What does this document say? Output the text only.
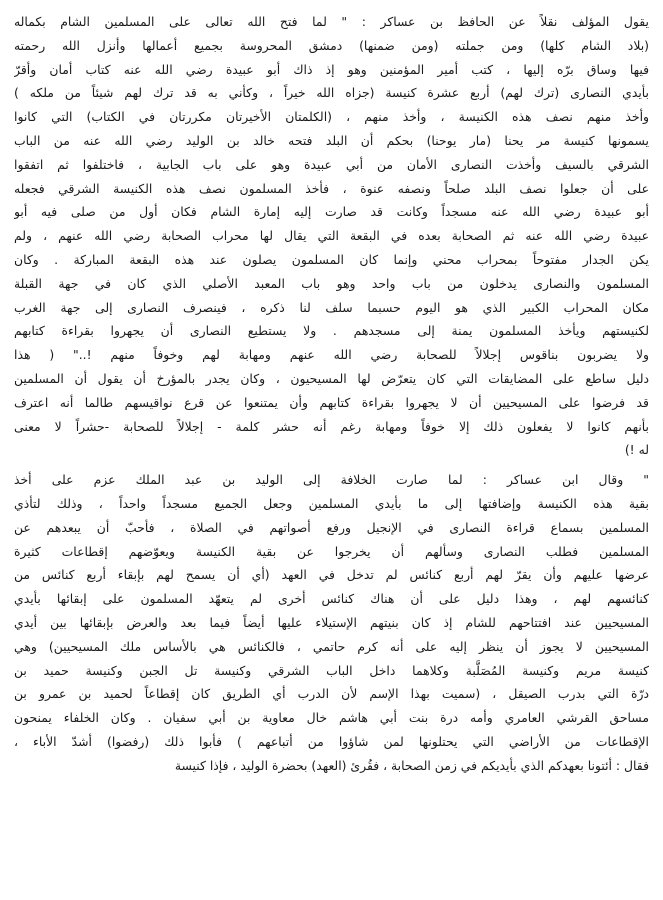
يقول المؤلف نقلاً عن الحافظ بن عساكر : " لما فتح الله تعالى على المسلمين الشام بكماله

(بلاد الشام كلها) ومن جملته (ومن ضمنها) دمشق المحروسة بجميع أعمالها وأنزل الله رحمته

فيها وساق برّه إليها ، كتب أمير المؤمنين وهو إذ ذاك أبو عبيدة رضي الله عنه كتاب أمان وأقرّ

بأيدي النصارى (ترك لهم) أربع عشرة كنيسة (جزاه الله خيراً ، وكأني به قد ترك لهم شيئاً من ملكه )

وأخذ منهم نصف هذه الكنيسة ، وأخذ منهم ، (الكلمتان الأخيرتان مكررتان في الكتاب) التي كانوا

يسمونها كنيسة مر يحنا (مار يوحنا) بحكم أن البلد فتحه خالد بن الوليد رضي الله عنه من الباب

الشرقي بالسيف وأخذت النصارى الأمان من أبي عبيدة وهو على باب الجابية ، فاختلفوا ثم اتفقوا

على أن جعلوا نصف البلد صلحاً ونصفه عنوة ، فأخذ المسلمون نصف هذه الكنيسة الشرقي فجعله

أبو عبيدة رضي الله عنه مسجداً وكانت قد صارت إليه إمارة الشام فكان أول من صلى فيه أبو

عبيدة رضي الله عنه ثم الصحابة بعده في البقعة التي يقال لها محراب الصحابة رضي الله عنهم ، ولم

يكن الجدار مفتوحاً بمحراب محني وإنما كان المسلمون يصلون عند هذه البقعة المباركة . وكان

المسلمون والنصارى يدخلون من باب واحد وهو باب المعبد الأصلي الذي كان في جهة القبلة

مكان المحراب الكبير الذي هو اليوم حسبما سلف لنا ذكره ، فينصرف النصارى إلى جهة الغرب

لكنيستهم ويأخذ المسلمون يمنة إلى مسجدهم . ولا يستطيع النصارى أن يجهروا بقراءة كتابهم

ولا يضربون بناقوس إجلالاً للصحابة رضي الله عنهم ومهابة لهم وخوفاً منهم !.." ( هذا

دليل ساطع على المضايقات التي كان يتعرّض لها المسيحيون ، وكان يجدر بالمؤرخ أن يقول أن المسلمين

قد فرضوا على المسيحيين أن لا يجهروا بقراءة كتابهم وأن يمتنعوا عن قرع نواقيسهم طالما أنه اعترف

بأنهم كانوا لا يفعلون ذلك إلا خوفاً ومهابة رغم أنه حشر كلمة - إجلالاً للصحابة -حشراً لا معنى

له !)

" وقال ابن عساكر : لما صارت الخلافة إلى الوليد بن عبد الملك عزم على أخذ

بقية هذه الكنيسة وإضافتها إلى ما بأيدي المسلمين وجعل الجميع مسجداً واحداً ، وذلك لتأذي

المسلمين بسماع قراءة النصارى في الإنجيل ورفع أصواتهم في الصلاة ، فأحبّ أن يبعدهم عن

المسلمين فطلب النصارى وسألهم أن يخرجوا عن بقية الكنيسة ويعوّضهم إقطاعات كثيرة

عرضها عليهم وأن يقرّ لهم أربع كنائس لم تدخل في العهد (أي أن يسمح لهم بإبقاء أربع كنائس من

كنائسهم لهم ، وهذا دليل على أن هناك كنائس أخرى لم يتعهّد المسلمون على إبقائها بأيدي

المسيحيين عند افتتاحهم للشام إذ كان بنيتهم الإستيلاء عليها أيضاً فيما بعد والعرض بإبقائها بين أيدي

المسيحيين لا يجوز أن ينظر إليه على أنه كرم حاتمي ، فالكنائس هي بالأساس ملك المسيحيين) وهي

كنيسة مريم وكنيسة المُصَلَّبة وكلاهما داخل الباب الشرقي وكنيسة تل الجبن وكنيسة حميد بن

درّة التي بدرب الصيقل ، (سميت بهذا الإسم لأن الدرب أي الطريق كان إقطاعاً لحميد بن عمرو بن

مساحق القرشي العامري وأمه درة بنت أبي هاشم خال معاوية بن أبي سفيان . وكان الخلفاء يمنحون

الإقطاعات من الأراضي التي يحتلونها لمن شاؤوا من أتباعهم ) فأبوا ذلك (رفضوا) أشدّ الأباء ،

فقال : أئتونا بعهدكم الذي بأيديكم في زمن الصحابة ، فقُرئ (العهد) بحضرة الوليد ، فإذا كنيسة
